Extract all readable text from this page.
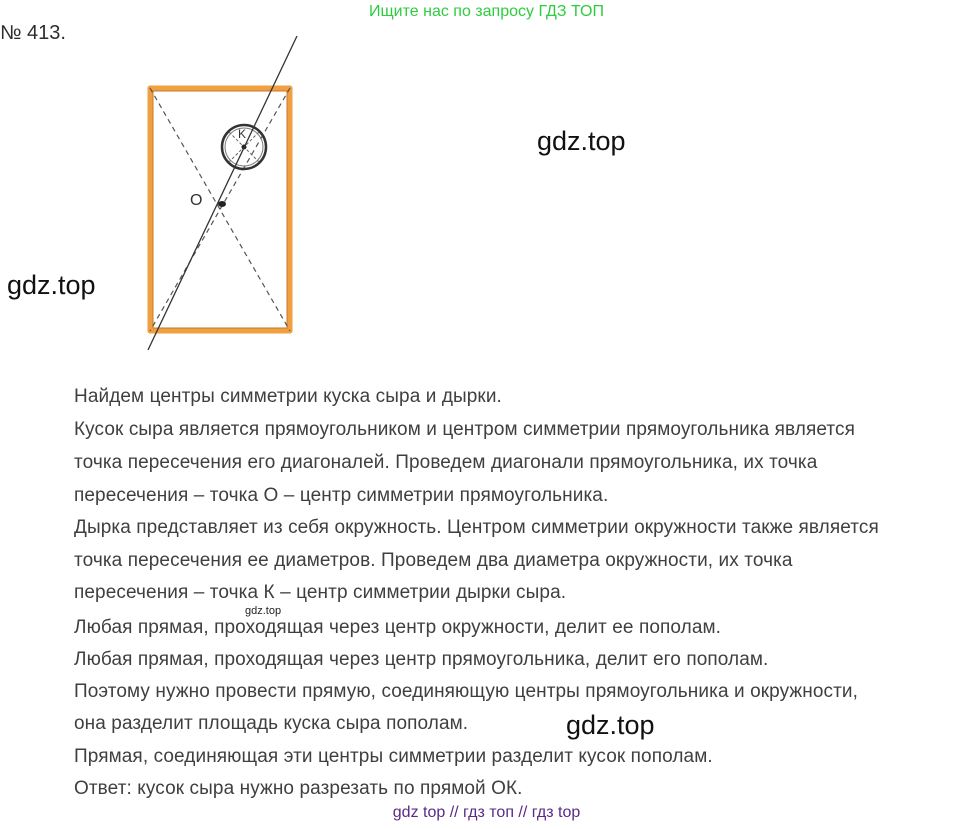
Ищите нас по запросу ГДЗ ТОП
№ 413.
O
K	gdz.top
gdz.top
gdz.top
gdz.top
Найдем центры симметрии куска сыра и дырки.
Кусок сыра является прямоугольником и центром симметрии прямоугольника является
точка пересечения его диагоналей. Проведем диагонали прямоугольника, их точка
пересечения – точка О – центр симметрии прямоугольника.
Дырка представляет из себя окружность. Центром симметрии окружности также является
точка пересечения ее диаметров. Проведем два диаметра окружности, их точка
пересечения – точка К – центр симметрии дырки сыра.
Любая прямая, проходящая через центр окружности, делит ее пополам.
Любая прямая, проходящая через центр прямоугольника, делит его пополам.
Поэтому нужно провести прямую, соединяющую центры прямоугольника и окружности,
она разделит площадь куска сыра пополам.
Прямая, соединяющая эти центры симметрии разделит кусок пополам.
Ответ: кусок сыра нужно разрезать по прямой ОК.
gdz top // гдз топ // гдз top
